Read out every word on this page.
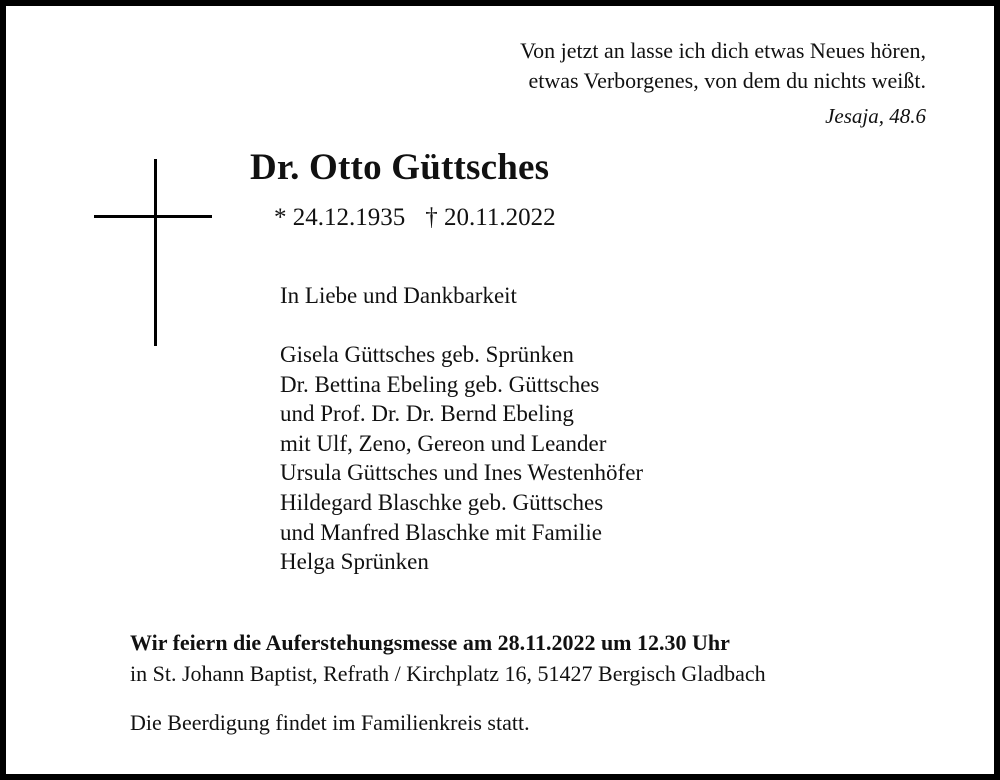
Von jetzt an lasse ich dich etwas Neues hören,
etwas Verborgenes, von dem du nichts weißt.
Jesaja, 48.6
Dr. Otto Güttsches
* 24.12.1935 † 20.11.2022
In Liebe und Dankbarkeit
Gisela Güttsches geb. Sprünken
Dr. Bettina Ebeling geb. Güttsches
und Prof. Dr. Dr. Bernd Ebeling
mit Ulf, Zeno, Gereon und Leander
Ursula Güttsches und Ines Westenhöfer
Hildegard Blaschke geb. Güttsches
und Manfred Blaschke mit Familie
Helga Sprünken
Wir feiern die Auferstehungsmesse am 28.11.2022 um 12.30 Uhr
in St. Johann Baptist, Refrath / Kirchplatz 16, 51427 Bergisch Gladbach
Die Beerdigung findet im Familienkreis statt.
